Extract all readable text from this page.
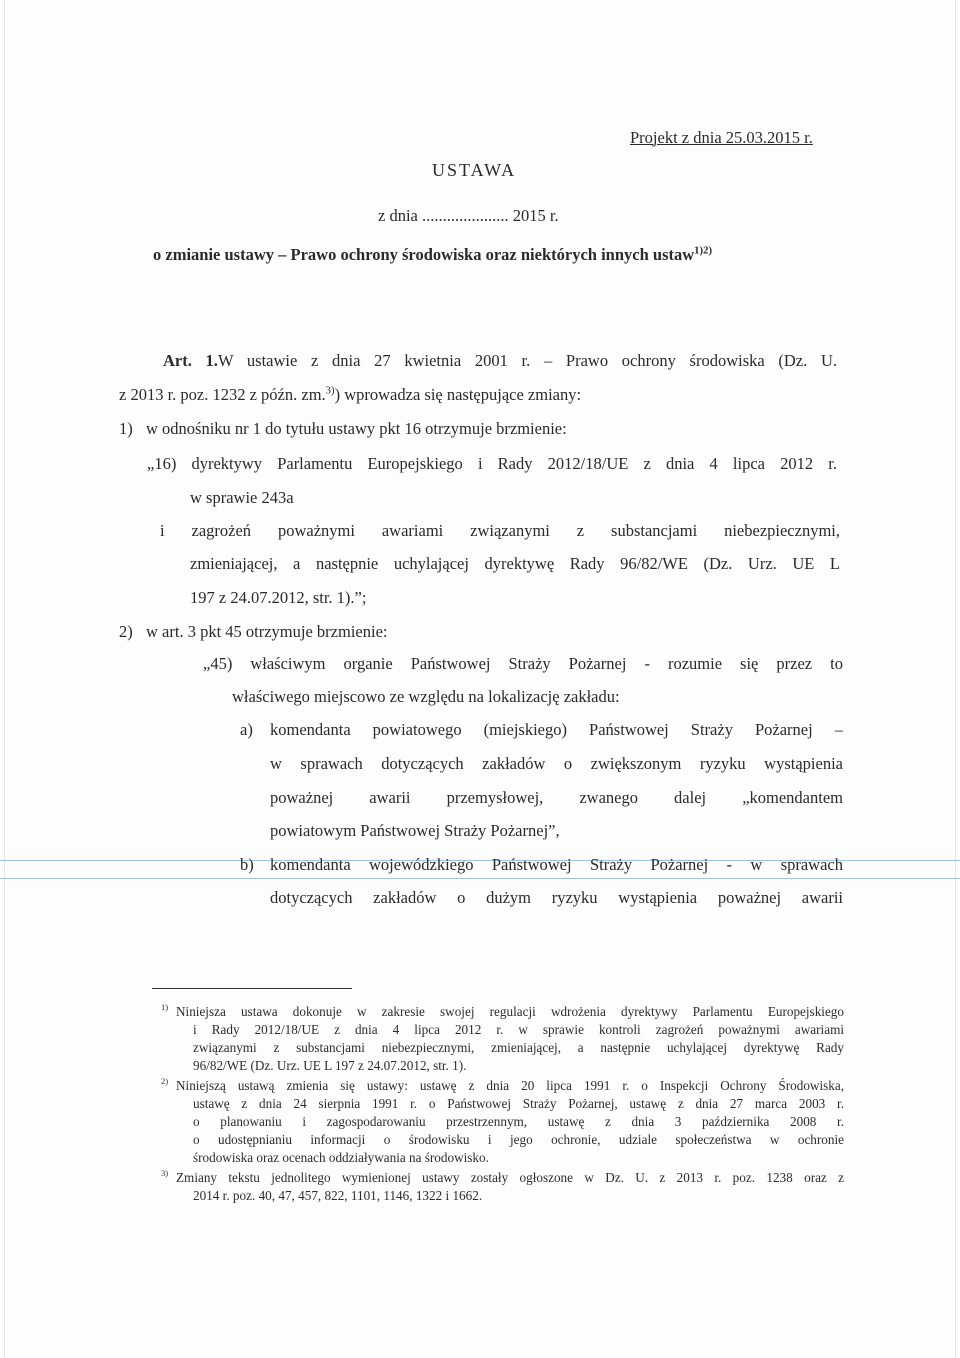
Projekt z dnia 25.03.2015 r.
USTAWA
z dnia ..................... 2015 r.
o zmianie ustawy – Prawo ochrony środowiska oraz niektórych innych ustaw$^{1)2)}$
Art. 1.W ustawie z dnia 27 kwietnia 2001 r. – Prawo ochrony środowiska (Dz. U.
z 2013 r. poz. 1232 z późn. zm.$^{3)}$) wprowadza się następujące zmiany:
1) w odnośniku nr 1 do tytułu ustawy pkt 16 otrzymuje brzmienie:
„16) dyrektywy Parlamentu Europejskiego i Rady 2012/18/UE z dnia 4 lipca 2012 r.
w sprawie 243a
i zagrożeń poważnymi awariami związanymi z substancjami niebezpiecznymi,
zmieniającej, a następnie uchylającej dyrektywę Rady 96/82/WE (Dz. Urz. UE L
197 z 24.07.2012, str. 1).”;
2) w art. 3 pkt 45 otrzymuje brzmienie:
„45) właściwym organie Państwowej Straży Pożarnej - rozumie się przez to
właściwego miejscowo ze względu na lokalizację zakładu:
a) komendanta powiatowego (miejskiego) Państwowej Straży Pożarnej –
w sprawach dotyczących zakładów o zwiększonym ryzyku wystąpienia
poważnej awarii przemysłowej, zwanego dalej „komendantem
powiatowym Państwowej Straży Pożarnej”,
b) komendanta wojewódzkiego Państwowej Straży Pożarnej - w sprawach
dotyczących zakładów o dużym ryzyku wystąpienia poważnej awarii
$^{1)}$ Niniejsza ustawa dokonuje w zakresie swojej regulacji wdrożenia dyrektywy Parlamentu Europejskiego
i Rady 2012/18/UE z dnia 4 lipca 2012 r. w sprawie kontroli zagrożeń poważnymi awariami
związanymi z substancjami niebezpiecznymi, zmieniającej, a następnie uchylającej dyrektywę Rady
96/82/WE (Dz. Urz. UE L 197 z 24.07.2012, str. 1).
$^{2)}$ Niniejszą ustawą zmienia się ustawy: ustawę z dnia 20 lipca 1991 r. o Inspekcji Ochrony Środowiska,
ustawę z dnia 24 sierpnia 1991 r. o Państwowej Straży Pożarnej, ustawę z dnia 27 marca 2003 r.
o planowaniu i zagospodarowaniu przestrzennym, ustawę z dnia 3 października 2008 r.
o udostępnianiu informacji o środowisku i jego ochronie, udziale społeczeństwa w ochronie
środowiska oraz ocenach oddziaływania na środowisko.
$^{3)}$ Zmiany tekstu jednolitego wymienionej ustawy zostały ogłoszone w Dz. U. z 2013 r. poz. 1238 oraz z
2014 r. poz. 40, 47, 457, 822, 1101, 1146, 1322 i 1662.
